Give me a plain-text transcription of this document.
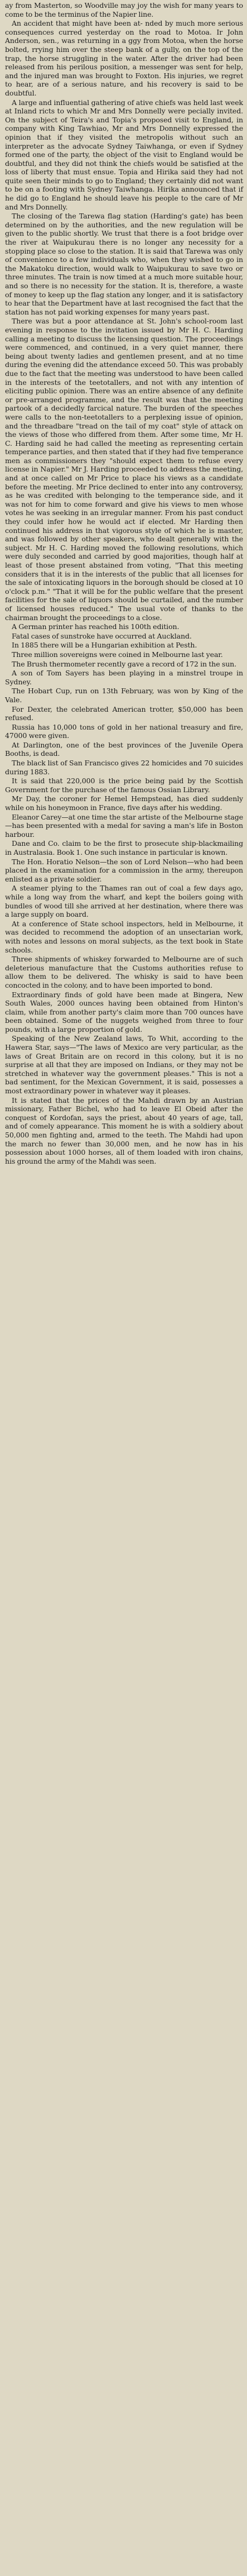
ay from Masterton, so Woodville may joy the wish for many years to come to be the terminus of the Napier line.

An accident that might have been at- nded by much more serious consequences curred yesterday on the road to Motoa. Ir John Anderson, sen., was returning in a ggy from Motoa, when the horse bolted, rrying him over the steep bank of a gully, on the top of the trap, the horse struggling in the water. After the driver had been released from his perilous position, a messenger was sent for help, and the injured man was brought to Foxton. His injuries, we regret to hear, are of a serious nature, and his recovery is said to be doubtful.

A large and influential gathering of ative chiefs was held last week at Inland ricts to which Mr and Mrs Donnelly were pecially invited. On the subject of Teira's and Topia's proposed visit to England, in company with King Tawhiao, Mr and Mrs Donnelly expressed the opinion that if they visited the metropolis without such an interpreter as the advocate Sydney Taiwhanga, or even if Sydney formed one of the party, the object of the visit to England would be doubtful, and they did not think the chiefs would be satisfied at the loss of liberty that must ensue. Topia and Hirika said they had not quite seen their minds to go to England; they certainly did not want to be on a footing with Sydney Taiwhanga. Hirika announced that if he did go to England he should leave his people to the care of Mr and Mrs Donnelly.

The closing of the Tarewa flag station (Harding's gate) has been determined on by the authorities, and the new regulation will be given to the public shortly. We trust that there is a foot bridge over the river at Waipukurau there is no longer any necessity for a stopping place so close to the station. It is said that Tarewa was only of convenience to a few individuals who, when they wished to go in the Makatoku direction, would walk to Waipukurau to save two or three minutes. The train is now timed at a much more suitable hour, and so there is no necessity for the station. It is, therefore, a waste of money to keep up the flag station any longer, and it is satisfactory to hear that the Department have at last recognised the fact that the station has not paid working expenses for many years past.

There was but a poor attendance at St. John's school-room last evening in response to the invitation issued by Mr H. C. Harding calling a meeting to discuss the licensing question. The proceedings were commenced, and continued, in a very quiet manner, there being about twenty ladies and gentlemen present, and at no time during the evening did the attendance exceed 50. This was probably due to the fact that the meeting was understood to have been called in the interests of the teetotallers, and not with any intention of eliciting public opinion. There was an entire absence of any definite or pre-arranged programme, and the result was that the meeting partook of a decidedly farcical nature. The burden of the speeches were calls to the non-teetotallers to a perplexing issue of opinion, and the threadbare "tread on the tail of my coat" style of attack on the views of those who differed from them. After some time, Mr H. C. Harding said he had called the meeting as representing certain temperance parties, and then stated that if they had five temperance men as commissioners they "should expect them to refuse every license in Napier." Mr J. Harding proceeded to address the meeting, and at once called on Mr Price to place his views as a candidate before the meeting. Mr Price declined to enter into any controversy, as he was credited with belonging to the temperance side, and it was not for him to come forward and give his views to men whose votes he was seeking in an irregular manner. From his past conduct they could infer how he would act if elected. Mr Harding then continued his address in that vigorous style of which he is master, and was followed by other speakers, who dealt generally with the subject. Mr H. C. Harding moved the following resolutions, which were duly seconded and carried by good majorities, though half at least of those present abstained from voting, "That this meeting considers that it is in the interests of the public that all licenses for the sale of intoxicating liquors in the borough should be closed at 10 o'clock p.m." "That it will be for the public welfare that the present facilities for the sale of liquors should be curtailed, and the number of licensed houses reduced." The usual vote of thanks to the chairman brought the proceedings to a close.

A German printer has reached his 100th edition.

Fatal cases of sunstroke have occurred at Auckland.

In 1885 there will be a Hungarian exhibition at Pesth.

Three million sovereigns were coined in Melbourne last year.

The Brush thermometer recently gave a record of 172 in the sun.

A son of Tom Sayers has been playing in a minstrel troupe in Sydney.

The Hobart Cup, run on 13th February, was won by King of the Vale.

For Dexter, the celebrated American trotter, $50,000 has been refused.

Russia has 10,000 tons of gold in her national treasury and fire, 47000 were given.

At Darlington, one of the best provinces of the Juvenile Opera Booths, is dead.

The black list of San Francisco gives 22 homicides and 70 suicides during 1883.

It is said that 220,000 is the price being paid by the Scottish Government for the purchase of the famous Ossian Library.

Mr Day, the coroner for Hemel Hempstead, has died suddenly while on his honeymoon in France, five days after his wedding.

Eleanor Carey—at one time the star artiste of the Melbourne stage—has been presented with a medal for saving a man's life in Boston harbour.

Dane and Co. claim to be the first to prosecute ship-blackmailing in Australasia. Book 1. One such instance in particular is known.

The Hon. Horatio Nelson—the son of Lord Nelson—who had been placed in the examination for a commission in the army, thereupon enlisted as a private soldier.

A steamer plying to the Thames ran out of coal a few days ago, while a long way from the wharf, and kept the boilers going with bundles of wood till she arrived at her destination, where there was a large supply on board.

At a conference of State school inspectors, held in Melbourne, it was decided to recommend the adoption of an unsectarian work, with notes and lessons on moral subjects, as the text book in State schools.

Three shipments of whiskey forwarded to Melbourne are of such deleterious manufacture that the Customs authorities refuse to allow them to be delivered. The whisky is said to have been concocted in the colony, and to have been imported to bond.

Extraordinary finds of gold have been made at Bingera, New South Wales, 2000 ounces having been obtained from Hinton's claim, while from another party's claim more than 700 ounces have been obtained. Some of the nuggets weighed from three to four pounds, with a large proportion of gold.

Speaking of the New Zealand laws, To Whit, according to the Hawera Star, says—"The laws of Mexico are very particular, as the laws of Great Britain are on record in this colony, but it is no surprise at all that they are imposed on Indians, or they may not be stretched in whatever way the government pleases." This is not a bad sentiment, for the Mexican Government, it is said, possesses a most extraordinary power in whatever way it pleases.

It is stated that the prices of the Mahdi drawn by an Austrian missionary, Father Bichel, who had to leave El Obeid after the conquest of Kordofan, says the priest, about 40 years of age, tall, and of comely appearance. This moment he is with a soldiery about 50,000 men fighting and, armed to the teeth. The Mahdi had upon the march no fewer than 30,000 men, and he now has in his possession about 1000 horses, all of them loaded with iron chains, his ground the army of the Mahdi was seen.
